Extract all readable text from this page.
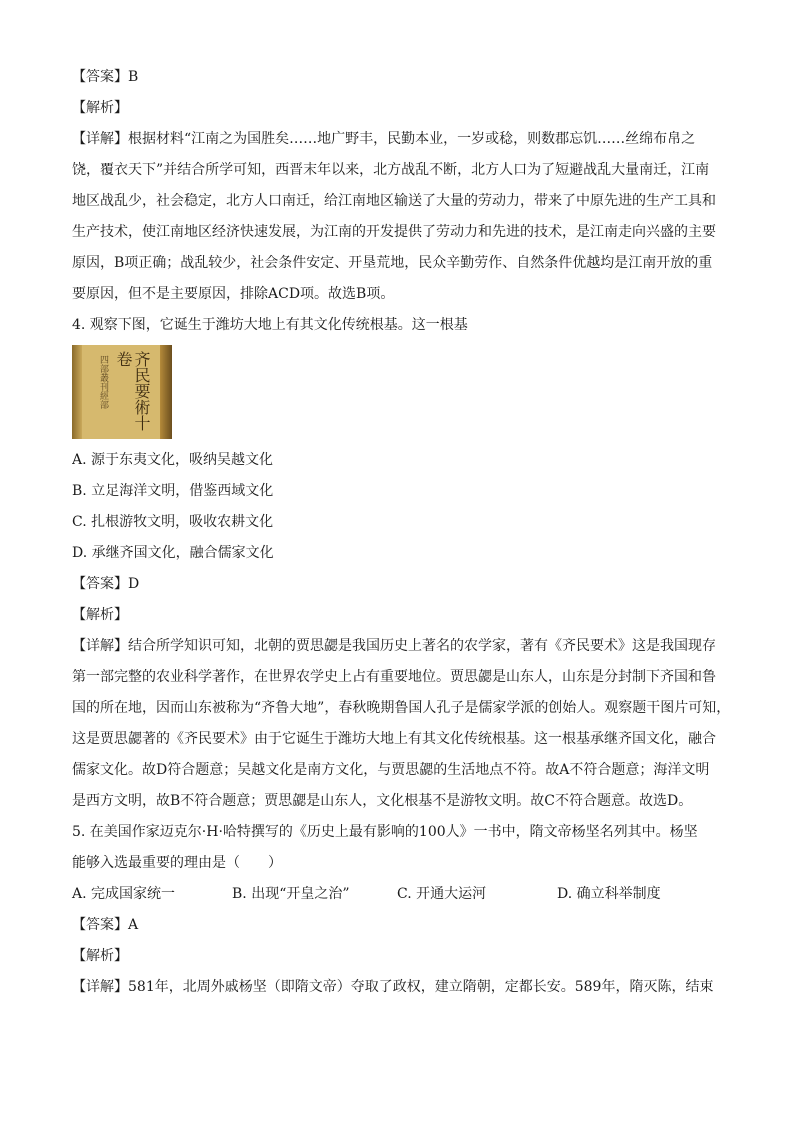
【答案】B
【解析】
【详解】根据材料“江南之为国胜矣……地广野丰，民勤本业，一岁或稔，则数郡忘饥……丝绵布帛之
饶，覆衣天下”并结合所学可知，西晋末年以来，北方战乱不断，北方人口为了短避战乱大量南迁，江南
地区战乱少，社会稳定，北方人口南迁，给江南地区输送了大量的劳动力，带来了中原先进的生产工具和
生产技术，使江南地区经济快速发展，为江南的开发提供了劳动力和先进的技术，是江南走向兴盛的主要
原因，B项正确；战乱较少，社会条件安定、开垦荒地，民众辛勤劳作、自然条件优越均是江南开放的重
要原因，但不是主要原因，排除ACD项。故选B项。
4. 观察下图，它诞生于潍坊大地上有其文化传统根基。这一根基
四部叢刊經部	齐民要術十卷
A. 源于东夷文化，吸纳吴越文化
B. 立足海洋文明，借鉴西域文化
C. 扎根游牧文明，吸收农耕文化
D. 承继齐国文化，融合儒家文化
【答案】D
【解析】
【详解】结合所学知识可知，北朝的贾思勰是我国历史上著名的农学家，著有《齐民要术》这是我国现存
第一部完整的农业科学著作，在世界农学史上占有重要地位。贾思勰是山东人，山东是分封制下齐国和鲁
国的所在地，因而山东被称为“齐鲁大地”，春秋晚期鲁国人孔子是儒家学派的创始人。观察题干图片可知，
这是贾思勰著的《齐民要术》由于它诞生于潍坊大地上有其文化传统根基。这一根基承继齐国文化，融合
儒家文化。故D符合题意；吴越文化是南方文化，与贾思勰的生活地点不符。故A不符合题意；海洋文明
是西方文明，故B不符合题意；贾思勰是山东人，文化根基不是游牧文明。故C不符合题意。故选D。
5. 在美国作家迈克尔·H·哈特撰写的《历史上最有影响的100人》一书中，隋文帝杨坚名列其中。杨坚
能够入选最重要的理由是（　　）
A. 完成国家统一	B. 出现“开皇之治”	C. 开通大运河	D. 确立科举制度
【答案】A
【解析】
【详解】581年，北周外戚杨坚（即隋文帝）夺取了政权，建立隋朝，定都长安。589年，隋灭陈，结束
